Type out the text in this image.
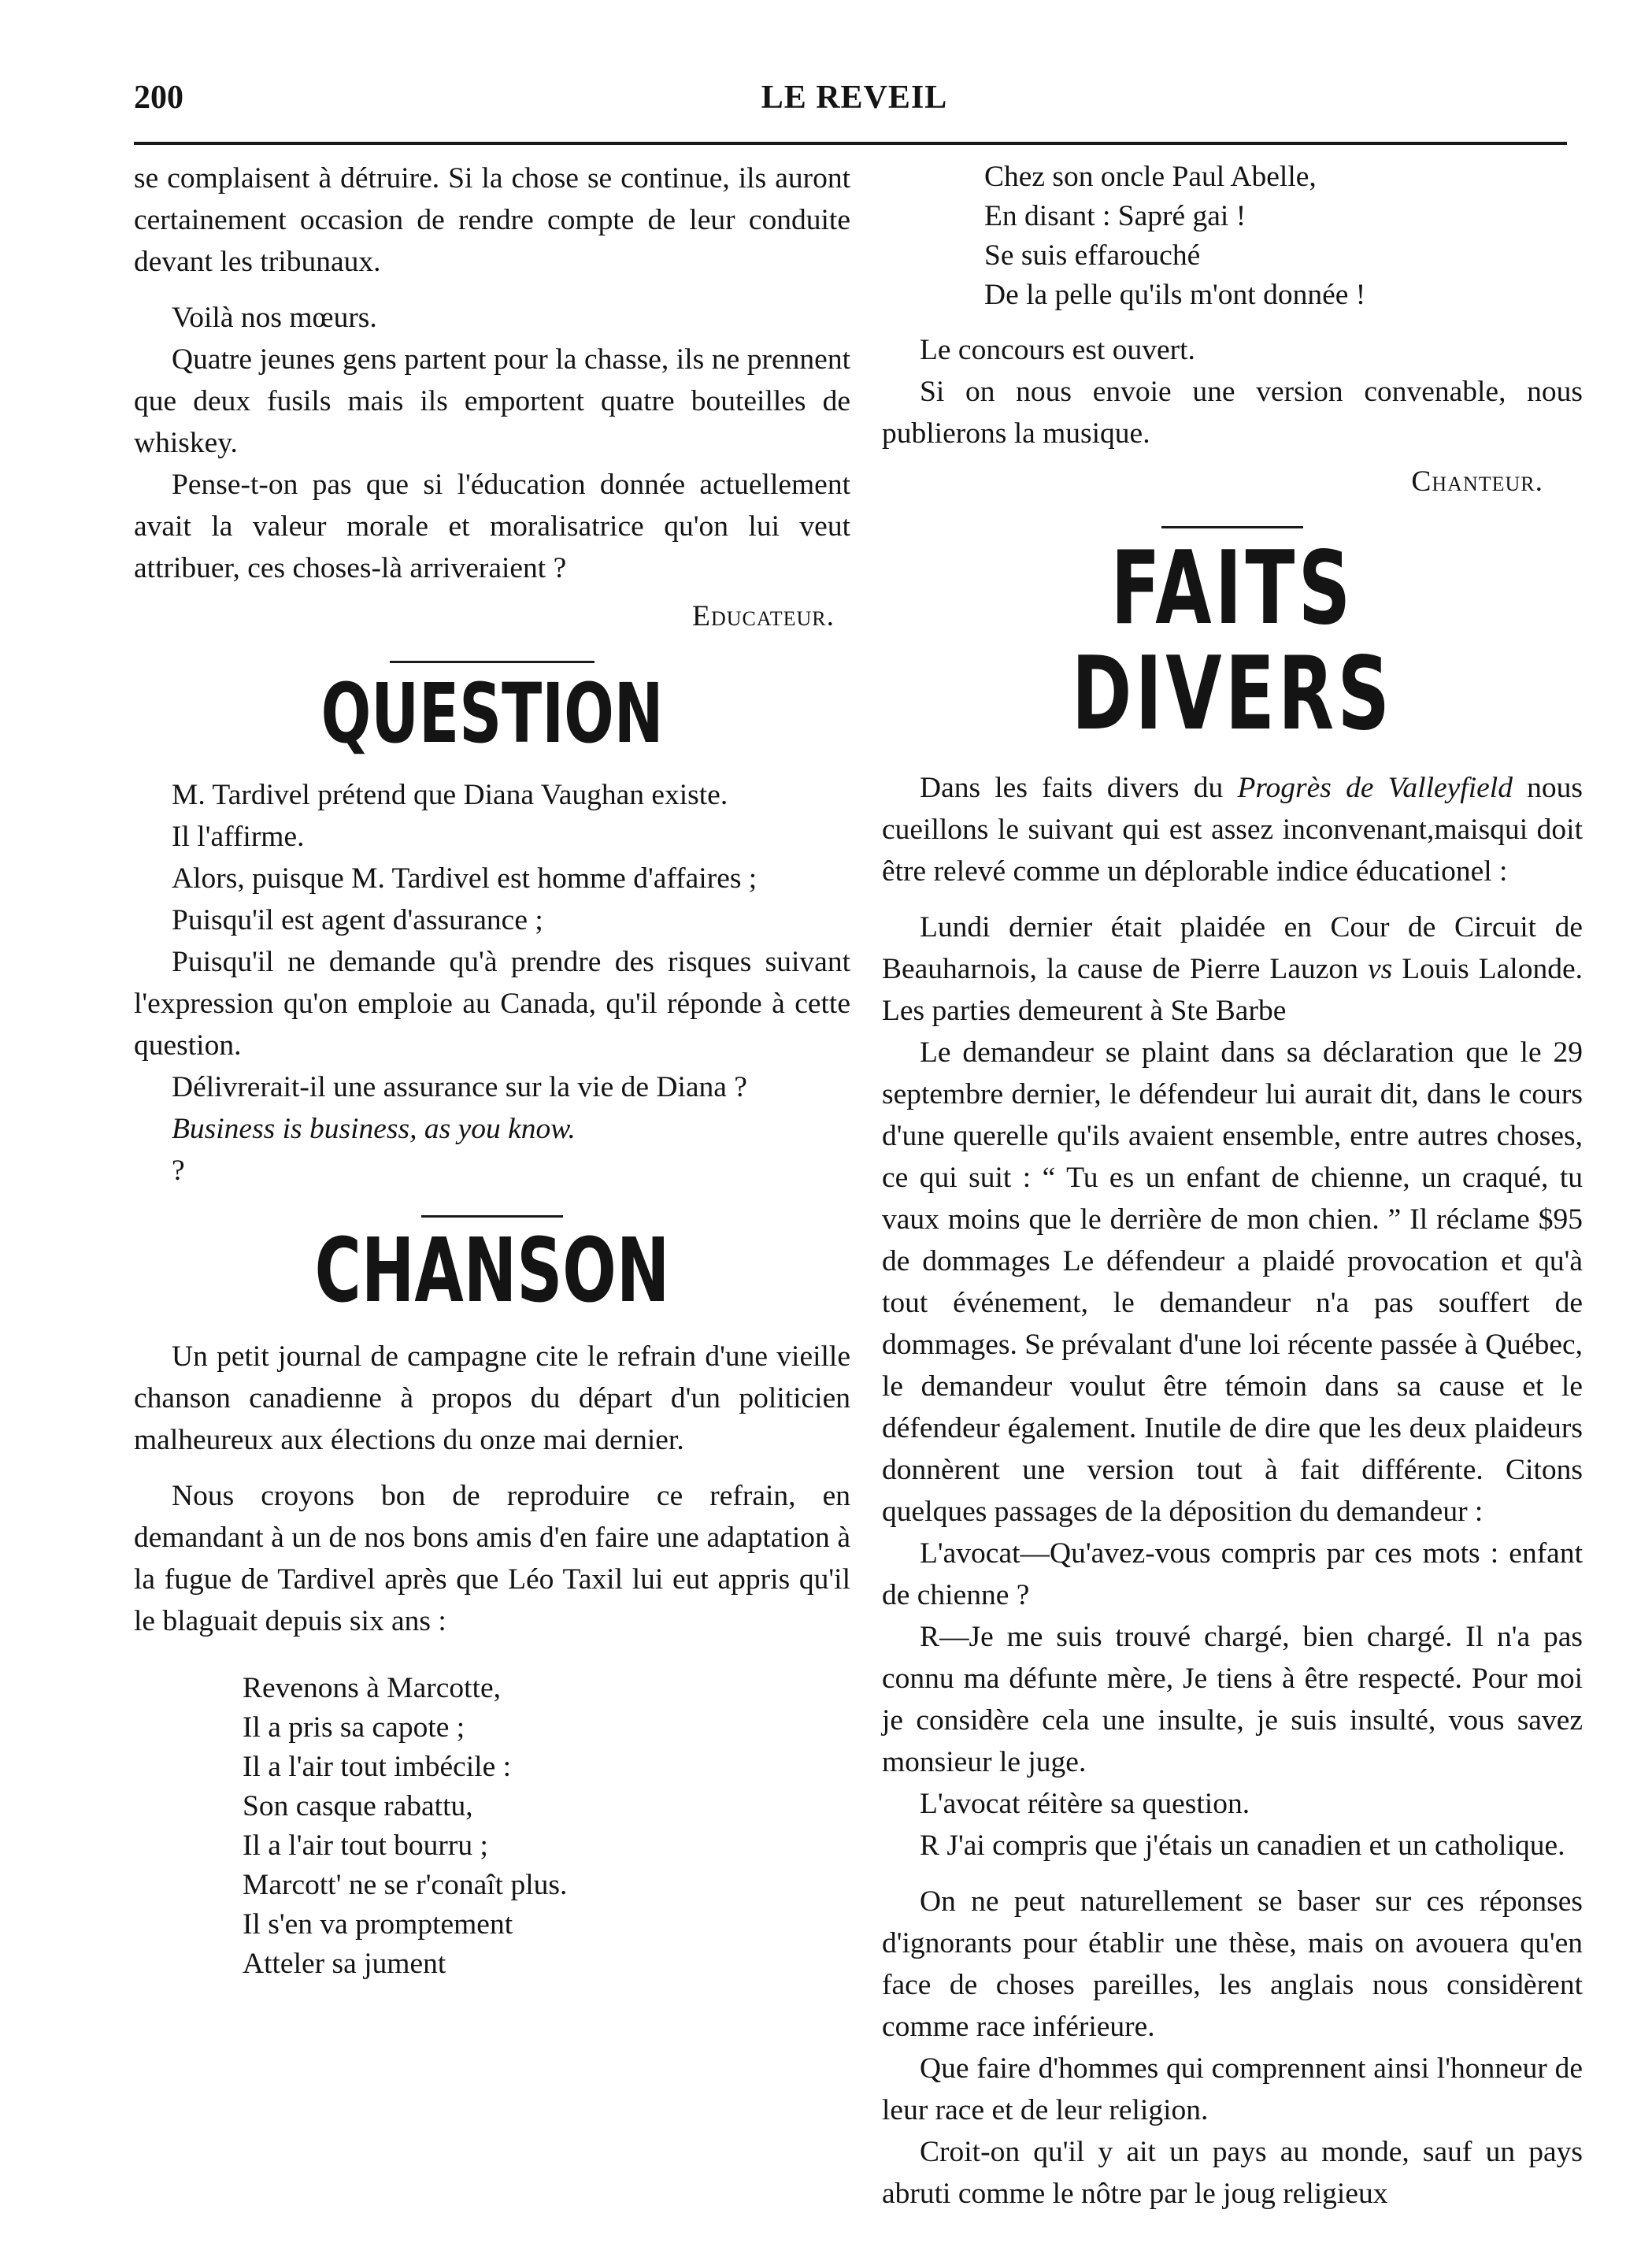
200	LE REVEIL

se complaisent à détruire. Si la chose se continue, ils auront certainement occasion de rendre compte de leur conduite devant les tribunaux.

Voilà nos mœurs.

Quatre jeunes gens partent pour la chasse, ils ne prennent que deux fusils mais ils emportent quatre bouteilles de whiskey.

Pense-t-on pas que si l'éducation donnée actuellement avait la valeur morale et moralisatrice qu'on lui veut attribuer, ces choses-là arriveraient ?

Educateur.

QUESTION

M. Tardivel prétend que Diana Vaughan existe.

Il l'affirme.

Alors, puisque M. Tardivel est homme d'affaires ;

Puisqu'il est agent d'assurance ;

Puisqu'il ne demande qu'à prendre des risques suivant l'expression qu'on emploie au Canada, qu'il réponde à cette question.

Délivrerait-il une assurance sur la vie de Diana ?

Business is business, as you know.

?

CHANSON

Un petit journal de campagne cite le refrain d'une vieille chanson canadienne à propos du départ d'un politicien malheureux aux élections du onze mai dernier.

Nous croyons bon de reproduire ce refrain, en demandant à un de nos bons amis d'en faire une adaptation à la fugue de Tardivel après que Léo Taxil lui eut appris qu'il le blaguait depuis six ans :

Revenons à Marcotte,
Il a pris sa capote ;
Il a l'air tout imbécile :
Son casque rabattu,
Il a l'air tout bourru ;
Marcott' ne se r'conaît plus.
Il s'en va promptement
Atteler sa jument
Chez son oncle Paul Abelle,
En disant : Sapré gai !
Se suis effarouché
De la pelle qu'ils m'ont donnée !

Le concours est ouvert.

Si on nous envoie une version convenable, nous publierons la musique.

Chanteur.

FAITS DIVERS

Dans les faits divers du Progrès de Valleyfield nous cueillons le suivant qui est assez inconvenant,maisqui doit être relevé comme un déplorable indice éducationel :

Lundi dernier était plaidée en Cour de Circuit de Beauharnois, la cause de Pierre Lauzon vs Louis Lalonde. Les parties demeurent à Ste Barbe

Le demandeur se plaint dans sa déclaration que le 29 septembre dernier, le défendeur lui aurait dit, dans le cours d'une querelle qu'ils avaient ensemble, entre autres choses, ce qui suit : “ Tu es un enfant de chienne, un craqué, tu vaux moins que le derrière de mon chien. ” Il réclame $95 de dommages Le défendeur a plaidé provocation et qu'à tout événement, le demandeur n'a pas souffert de dommages. Se prévalant d'une loi récente passée à Québec, le demandeur voulut être témoin dans sa cause et le défendeur également. Inutile de dire que les deux plaideurs donnèrent une version tout à fait différente. Citons quelques passages de la déposition du demandeur :

L'avocat—Qu'avez-vous compris par ces mots : enfant de chienne ?

R—Je me suis trouvé chargé, bien chargé. Il n'a pas connu ma défunte mère, Je tiens à être respecté. Pour moi je considère cela une insulte, je suis insulté, vous savez monsieur le juge.

L'avocat réitère sa question.

R J'ai compris que j'étais un canadien et un catholique.

On ne peut naturellement se baser sur ces réponses d'ignorants pour établir une thèse, mais on avouera qu'en face de choses pareilles, les anglais nous considèrent comme race inférieure.

Que faire d'hommes qui comprennent ainsi l'honneur de leur race et de leur religion.

Croit-on qu'il y ait un pays au monde, sauf un pays abruti comme le nôtre par le joug religieux
